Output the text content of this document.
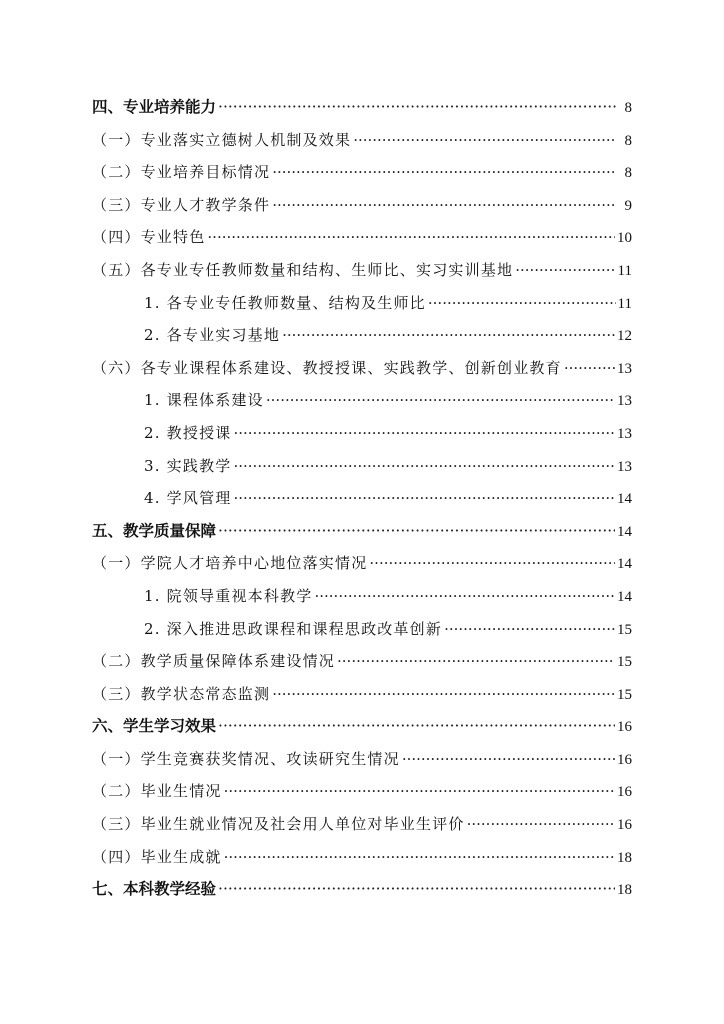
四、专业培养能力 ·····	8
（一）专业落实立德树人机制及效果 ·····	8
（二）专业培养目标情况 ·····	8
（三）专业人才教学条件 ·····	9
（四）专业特色 ·····	10
（五）各专业专任教师数量和结构、生师比、实习实训基地 ·····	11
1. 各专业专任教师数量、结构及生师比 ·····	11
2. 各专业实习基地 ·····	12
（六）各专业课程体系建设、教授授课、实践教学、创新创业教育 ·····	13
1. 课程体系建设 ·····	13
2. 教授授课 ·····	13
3. 实践教学 ·····	13
4. 学风管理 ·····	14
五、教学质量保障 ·····	14
（一）学院人才培养中心地位落实情况 ·····	14
1. 院领导重视本科教学 ·····	14
2. 深入推进思政课程和课程思政改革创新 ·····	15
（二）教学质量保障体系建设情况 ·····	15
（三）教学状态常态监测 ·····	15
六、学生学习效果 ·····	16
（一）学生竞赛获奖情况、攻读研究生情况 ·····	16
（二）毕业生情况 ·····	16
（三）毕业生就业情况及社会用人单位对毕业生评价 ·····	16
（四）毕业生成就 ·····	18
七、本科教学经验 ·····	18
